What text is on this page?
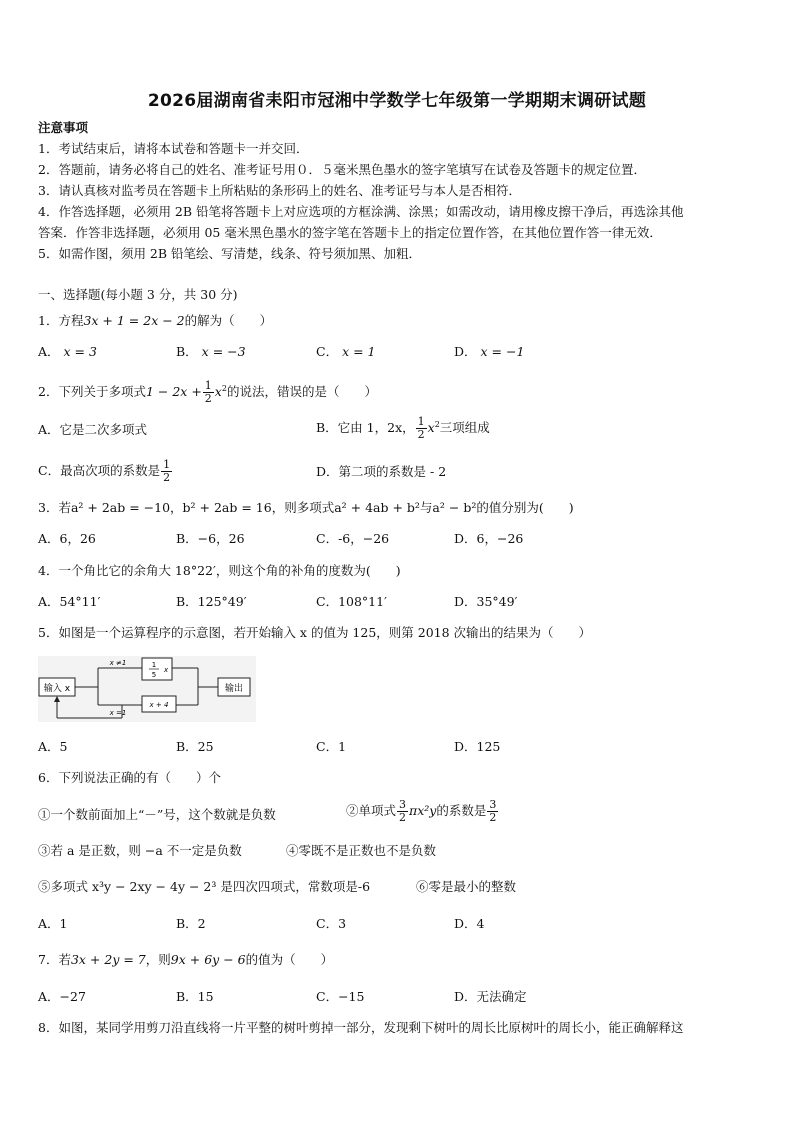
2026届湖南省耒阳市冠湘中学数学七年级第一学期期末调研试题
注意事项
1．考试结束后，请将本试卷和答题卡一并交回．
2．答题前，请务必将自己的姓名、准考证号用０．５毫米黑色墨水的签字笔填写在试卷及答题卡的规定位置．
3．请认真核对监考员在答题卡上所粘贴的条形码上的姓名、准考证号与本人是否相符．
4．作答选择题，必须用 2B 铅笔将答题卡上对应选项的方框涂满、涂黑；如需改动，请用橡皮擦干净后，再选涂其他
答案．作答非选择题，必须用 05 毫米黑色墨水的签字笔在答题卡上的指定位置作答，在其他位置作答一律无效．
5．如需作图，须用 2B 铅笔绘、写清楚，线条、符号须加黑、加粗．
一、选择题(每小题 3 分，共 30 分)
1．方程3x + 1 = 2x − 2的解为（　　）
A． x = 3	B． x = −3	C． x = 1	D． x = −1
2．下列关于多项式$1 - 2x + \frac{1}{2} x^2$的说法，错误的是（　　）
A．它是二次多项式	B．它由 1，2x， $\frac{1}{2} x^2$三项组成
C．最高次项的系数是 $\frac{1}{2}$	D．第二项的系数是 - 2
3．若a² + 2ab = −10，b² + 2ab = 16，则多项式a² + 4ab + b²与a² − b²的值分别为(　　)
A．6，26	B．−6，26	C．-6，−26	D．6，−26
4．一个角比它的余角大 18°22′，则这个角的补角的度数为(　　)
A．54°11′	B．125°49′	C．108°11′	D．35°49′
5．如图是一个运算程序的示意图，若开始输入 x 的值为 125，则第 2018 次输出的结果为（　　）
输入 x
x ≠1	1
5
x
x + 4
输出
x =1
A．5	B．25	C．1	D．125
6．下列说法正确的有（　　）个
①一个数前面加上“－”号，这个数就是负数	②单项式 $\frac{3}{2} \pi x^2y$的系数是 $\frac{3}{2}$
③若 a 是正数，则 −a 不一定是负数	④零既不是正数也不是负数
⑤多项式 x³y − 2xy − 4y − 2³ 是四次四项式，常数项是-6	⑥零是最小的整数
A．1	B．2	C．3	D．4
7．若3x + 2y = 7，则9x + 6y − 6的值为（　　）
A．−27	B．15	C．−15	D．无法确定
8．如图，某同学用剪刀沿直线将一片平整的树叶剪掉一部分，发现剩下树叶的周长比原树叶的周长小，能正确解释这
